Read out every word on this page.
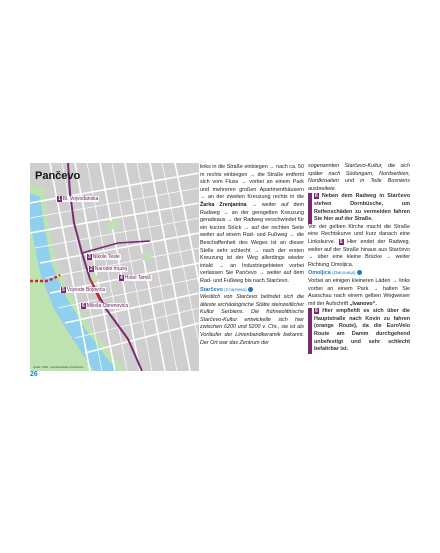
Pančevo
1 Bl. Vojvođanska
3 Nikole Tesle
2 Narodni muzej
4 Hotel Tamiš
5 Vojvode Bojovića
6 Miloša Obrenovića
Quelle: OSM · OpenStreetMap Contributors
26

links in die Straße einbiegen → nach ca. 50 m rechts einbiegen → die Straße entfernt sich vom Fluss → vorbei an einem Park und mehreren großen Apartmenthäusern → an der zweiten Kreuzung rechts in die Žarka Zrenjanina → weiter auf dem Radweg → an der geregelten Kreuzung geradeaus → der Radweg verschwindet für ein kurzes Stück → auf der rechten Seite weiter auf einem Rad- und Fußweg → die Beschaffenheit des Weges ist an dieser Stelle sehr schlecht → nach der ersten Kreuzung ist der Weg allerdings wieder intakt → an Industriegebieten vorbei verlassen Sie Pančevo → weiter auf dem Rad- und Fußweg bis nach Starčevo.

Starčevo (Старчево)

Westlich von Starčevo befindet sich die älteste archäologische Stätte steinzeitlicher Kultur Serbiens. Die frühneolithische Starčevo-Kultur entwickelte sich hier zwischen 6200 und 5200 v. Chr., sie ist als Vorläufer der Linienbandkeramik bekannt. Der Ort war das Zentrum der

sogenannten Starčevo-Kultur, die sich später nach Südungarn, Nordserbien, Nordkroatien und in Teile Bosniens ausbreitete.

6 Neben dem Radweg in Starčevo stehen Dornbüsche, um Reifenschäden zu vermeiden fahren Sie hier auf der Straße.

Vor der gelben Kirche macht die Straße eine Rechtskurve und kurz danach eine Linkskurve. 5 Hier endet der Radweg, weiter auf der Straße hinaus aus Starčevo → über eine kleine Brücke → weiter Richtung Omoljica.

Omoljica (Омољица)

Vorbei an einigen kleineren Läden → links vorbei an einem Park → halten Sie Ausschau nach einem gelben Wegweiser mit der Aufschrift „Ivanovo“.

6 Hier empfiehlt es sich über die Hauptstraße nach Kovin zu fahren (orange Route), da die EuroVelo Route am Damm durchgehend unbefestigt und sehr schlecht befahrbar ist.
